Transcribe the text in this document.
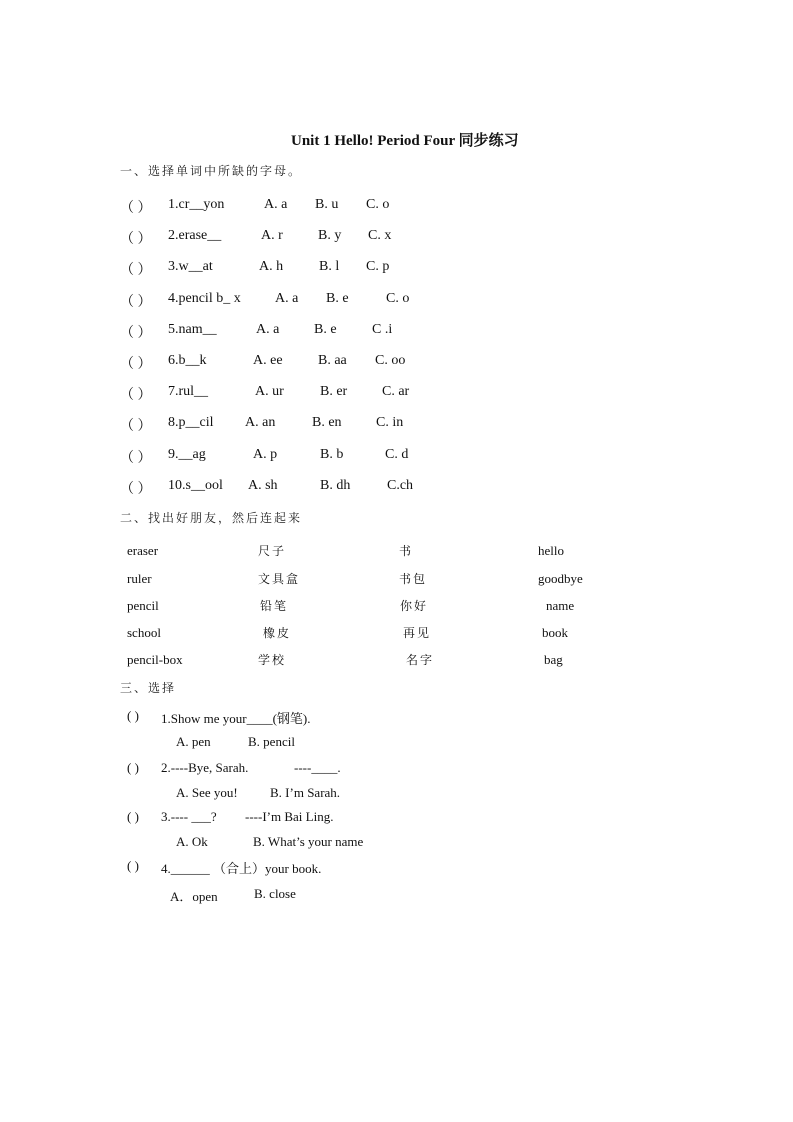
Unit 1 Hello! Period Four 同步练习
一、选择单词中所缺的字母。
（ ） 1.cr__yon	A. a B. u C. o
（ ） 2.erase__	A. r	B. y C. x
（ ） 3.w__at	A. h	B. l C. p
（ ） 4.pencil b_ x A. a B. e	C. o
（ ） 5.nam__	A. a B. e	C .i
（ ） 6.b__k	A. ee	B. aa C. oo
（ ） 7.rul__	A. ur	B. er C. ar
（ ） 8.p__cil A. an	B. en C. in
（ ） 9.__ag	A. p	B. b	C. d
（ ） 10.s__ool A. sh	B. dh	C.ch
二、找出好朋友，然后连起来
eraser	尺子	书	hello
ruler	文具盒	书包	goodbye
pencil	铅笔	你好	name
school	橡皮	再见	book
pencil-box	学校	名字	bag
三、选择
( ) 1.Show me your____(钢笔).
A. pen	B. pencil
( ) 2.----Bye, Sarah.	----____.
A. See you! B. I’m Sarah.
( ) 3.---- ___? ----I’m Bai Ling.
A. Ok	B. What’s your name
( ) 4.______ （合上）your book.
A．open	B. close
